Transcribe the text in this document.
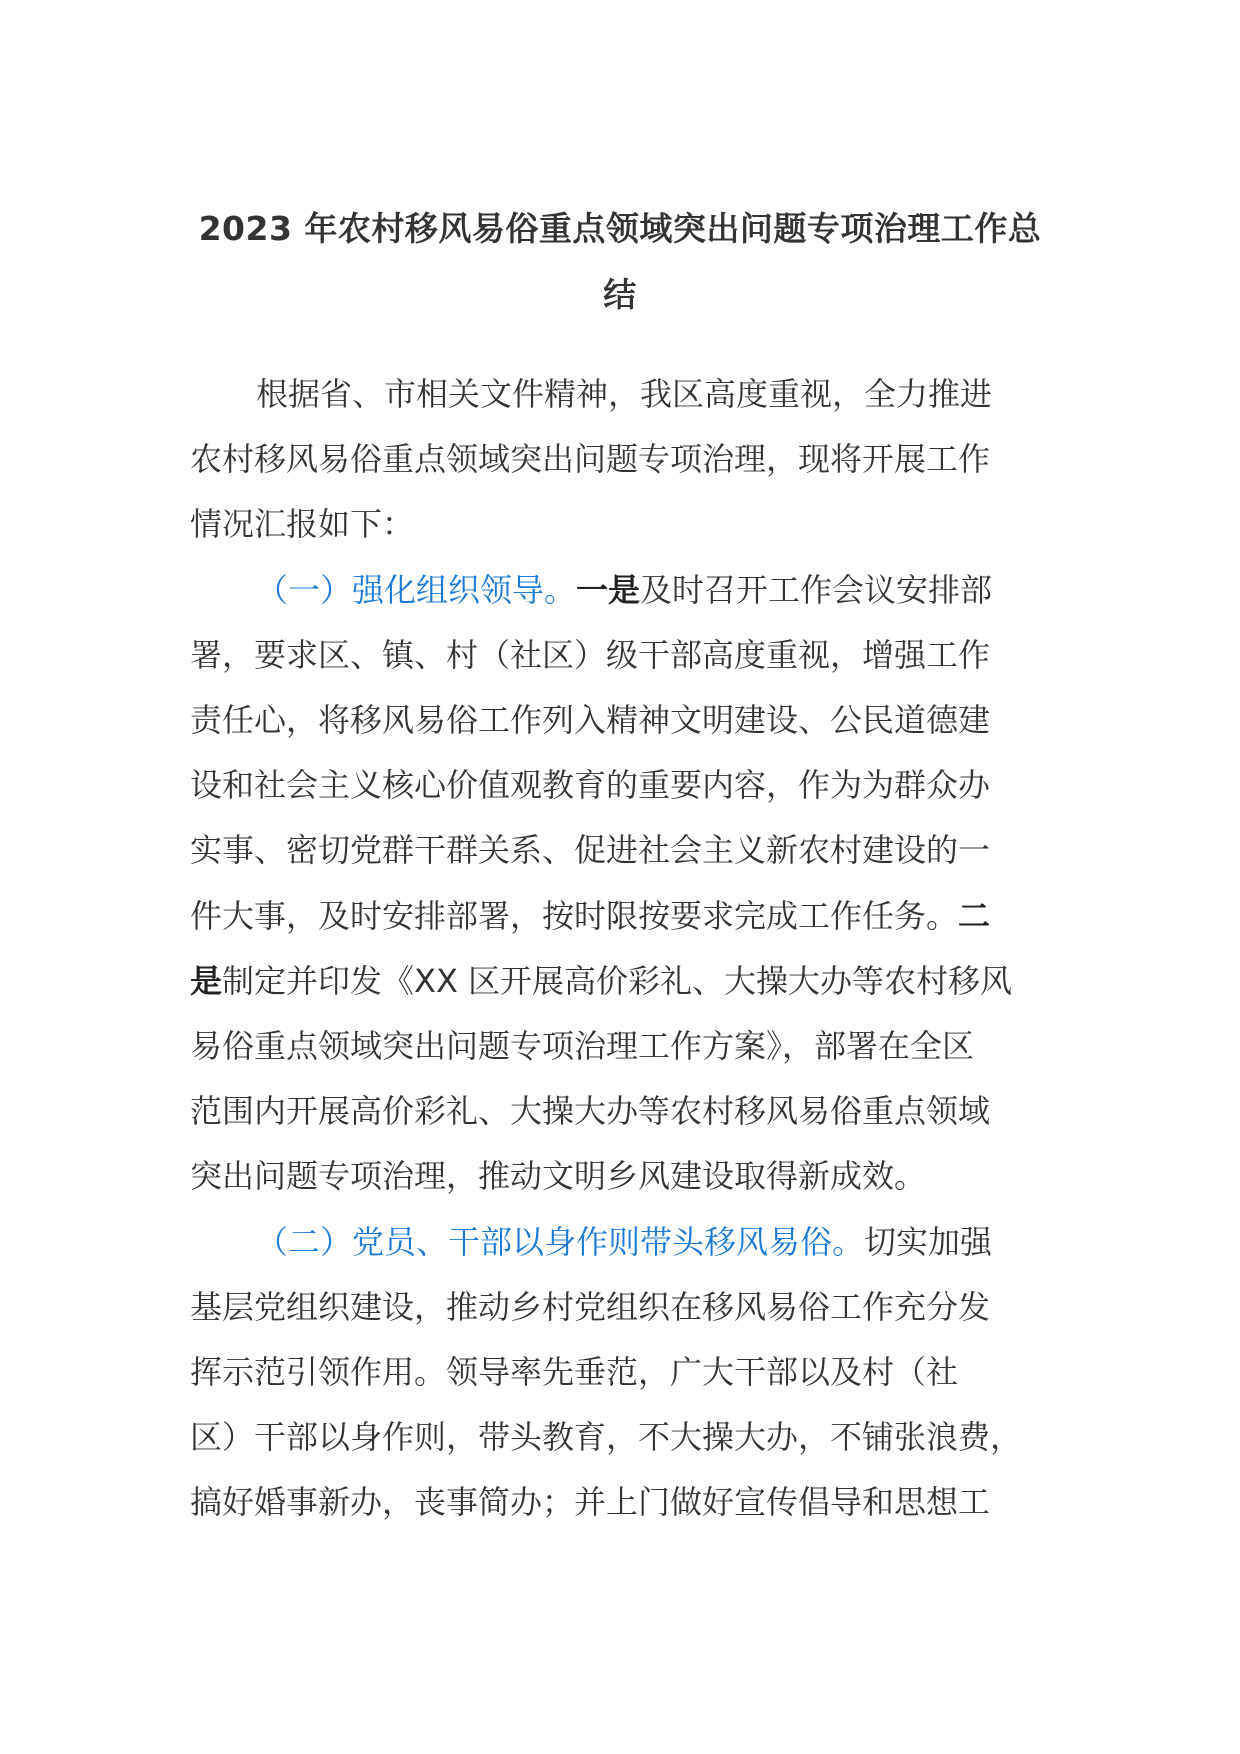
2023 年农村移风易俗重点领域突出问题专项治理工作总
结
根据省、市相关文件精神，我区高度重视，全力推进
农村移风易俗重点领域突出问题专项治理，现将开展工作
情况汇报如下：
（一）强化组织领导。一是及时召开工作会议安排部
署，要求区、镇、村（社区）级干部高度重视，增强工作
责任心，将移风易俗工作列入精神文明建设、公民道德建
设和社会主义核心价值观教育的重要内容，作为为群众办
实事、密切党群干群关系、促进社会主义新农村建设的一
件大事，及时安排部署，按时限按要求完成工作任务。二
是制定并印发《XX 区开展高价彩礼、大操大办等农村移风
易俗重点领域突出问题专项治理工作方案》，部署在全区
范围内开展高价彩礼、大操大办等农村移风易俗重点领域
突出问题专项治理，推动文明乡风建设取得新成效。
（二）党员、干部以身作则带头移风易俗。切实加强
基层党组织建设，推动乡村党组织在移风易俗工作充分发
挥示范引领作用。领导率先垂范，广大干部以及村（社
区）干部以身作则，带头教育，不大操大办，不铺张浪费，
搞好婚事新办，丧事简办；并上门做好宣传倡导和思想工
